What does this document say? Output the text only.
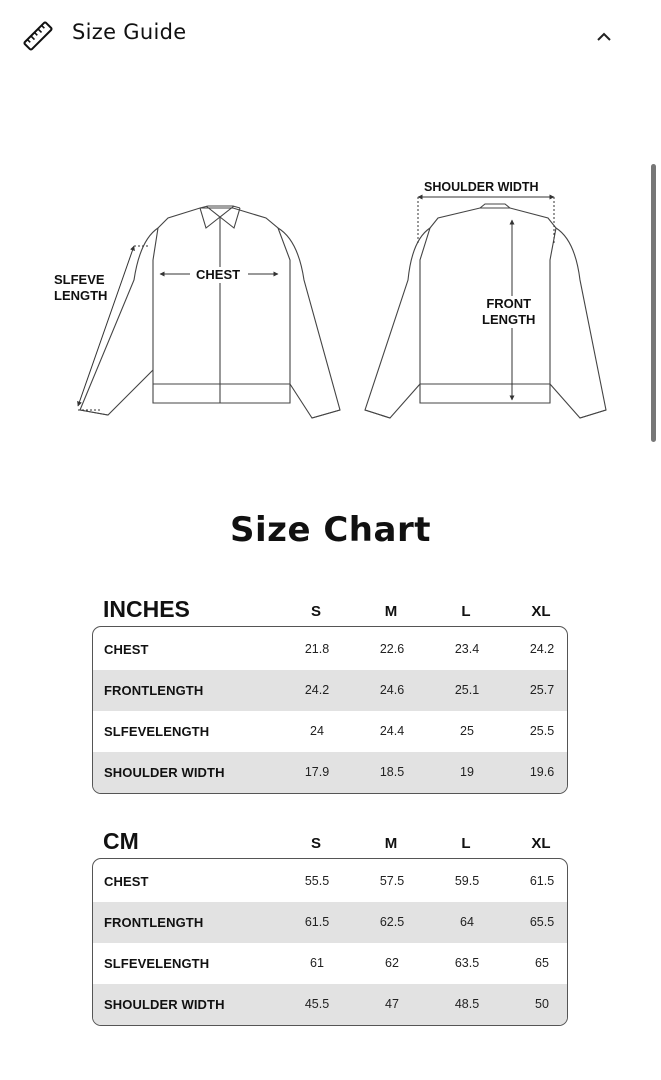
Size Guide
SLFEVE
LENGTH
CHEST
SHOULDER WIDTH
FRONT
LENGTH
Size Chart
INCHES	S	M	L	XL
CHEST	21.8	22.6	23.4	24.2
FRONTLENGTH	24.2	24.6	25.1	25.7
SLFEVELENGTH	24	24.4	25	25.5
SHOULDER WIDTH	17.9	18.5	19	19.6
CM	S	M	L	XL
CHEST	55.5	57.5	59.5	61.5
FRONTLENGTH	61.5	62.5	64	65.5
SLFEVELENGTH	61	62	63.5	65
SHOULDER WIDTH	45.5	47	48.5	50
